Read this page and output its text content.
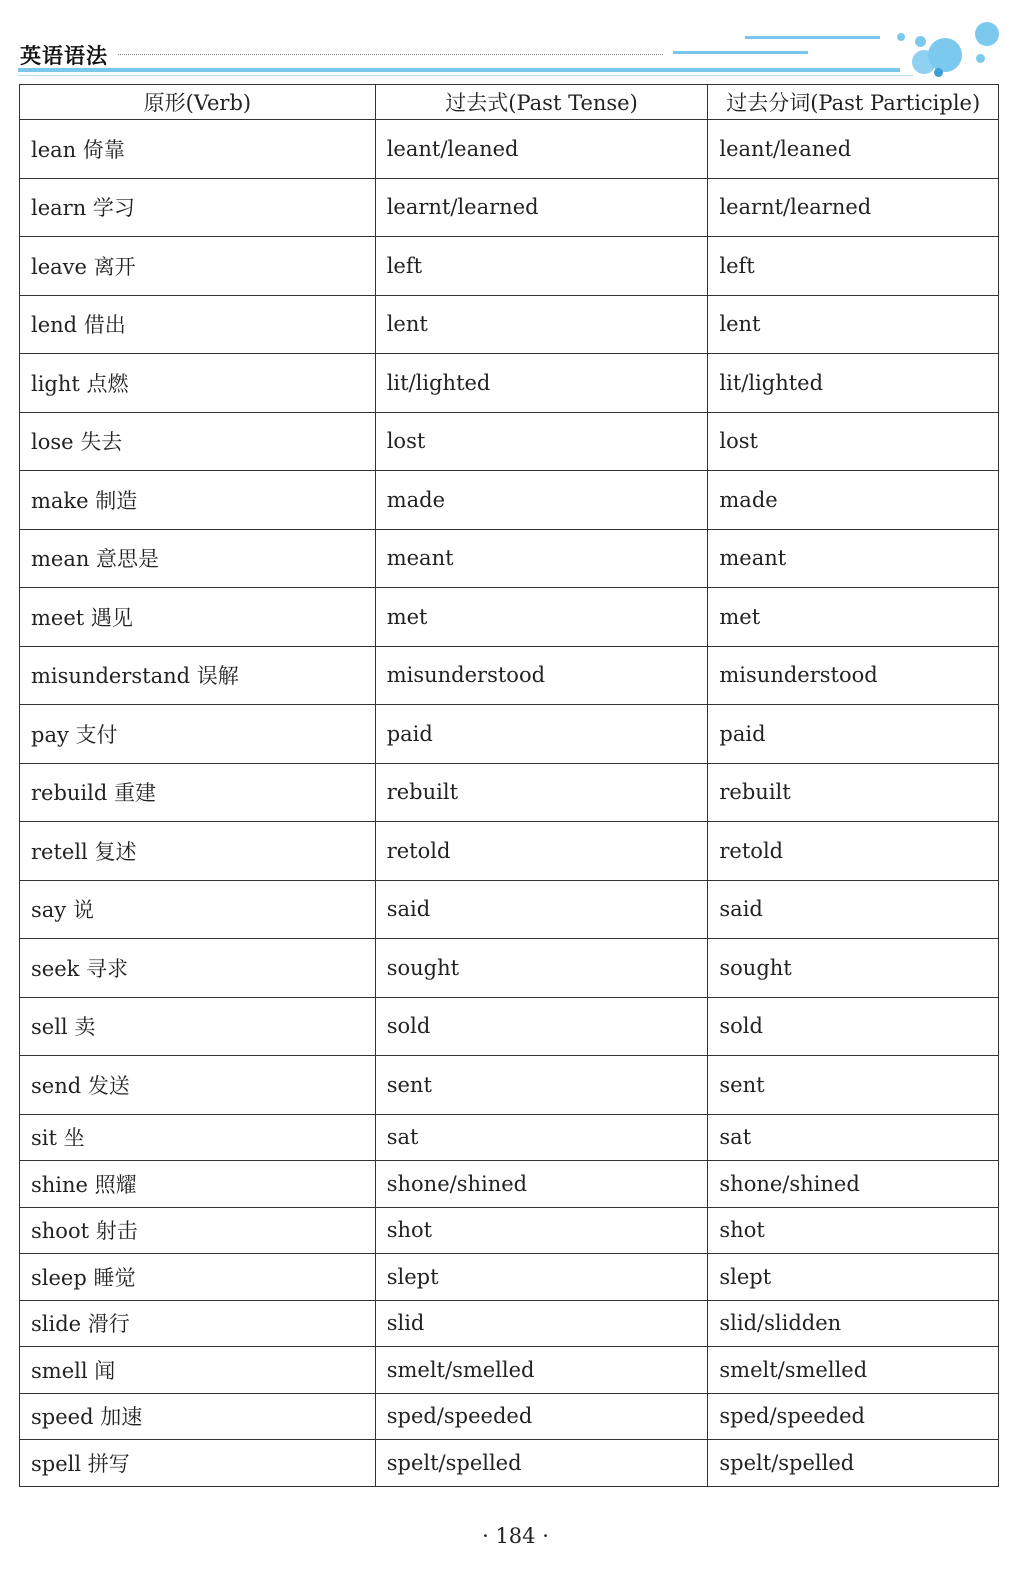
英语语法
原形(Verb)	过去式(Past Tense)	过去分词(Past Participle)
lean 倚靠	leant/leaned	leant/leaned
learn 学习	learnt/learned	learnt/learned
leave 离开	left	left
lend 借出	lent	lent
light 点燃	lit/lighted	lit/lighted
lose 失去	lost	lost
make 制造	made	made
mean 意思是	meant	meant
meet 遇见	met	met
misunderstand 误解	misunderstood	misunderstood
pay 支付	paid	paid
rebuild 重建	rebuilt	rebuilt
retell 复述	retold	retold
say 说	said	said
seek 寻求	sought	sought
sell 卖	sold	sold
send 发送	sent	sent
sit 坐	sat	sat
shine 照耀	shone/shined	shone/shined
shoot 射击	shot	shot
sleep 睡觉	slept	slept
slide 滑行	slid	slid/slidden
smell 闻	smelt/smelled	smelt/smelled
speed 加速	sped/speeded	sped/speeded
spell 拼写	spelt/spelled	spelt/spelled
· 184 ·
